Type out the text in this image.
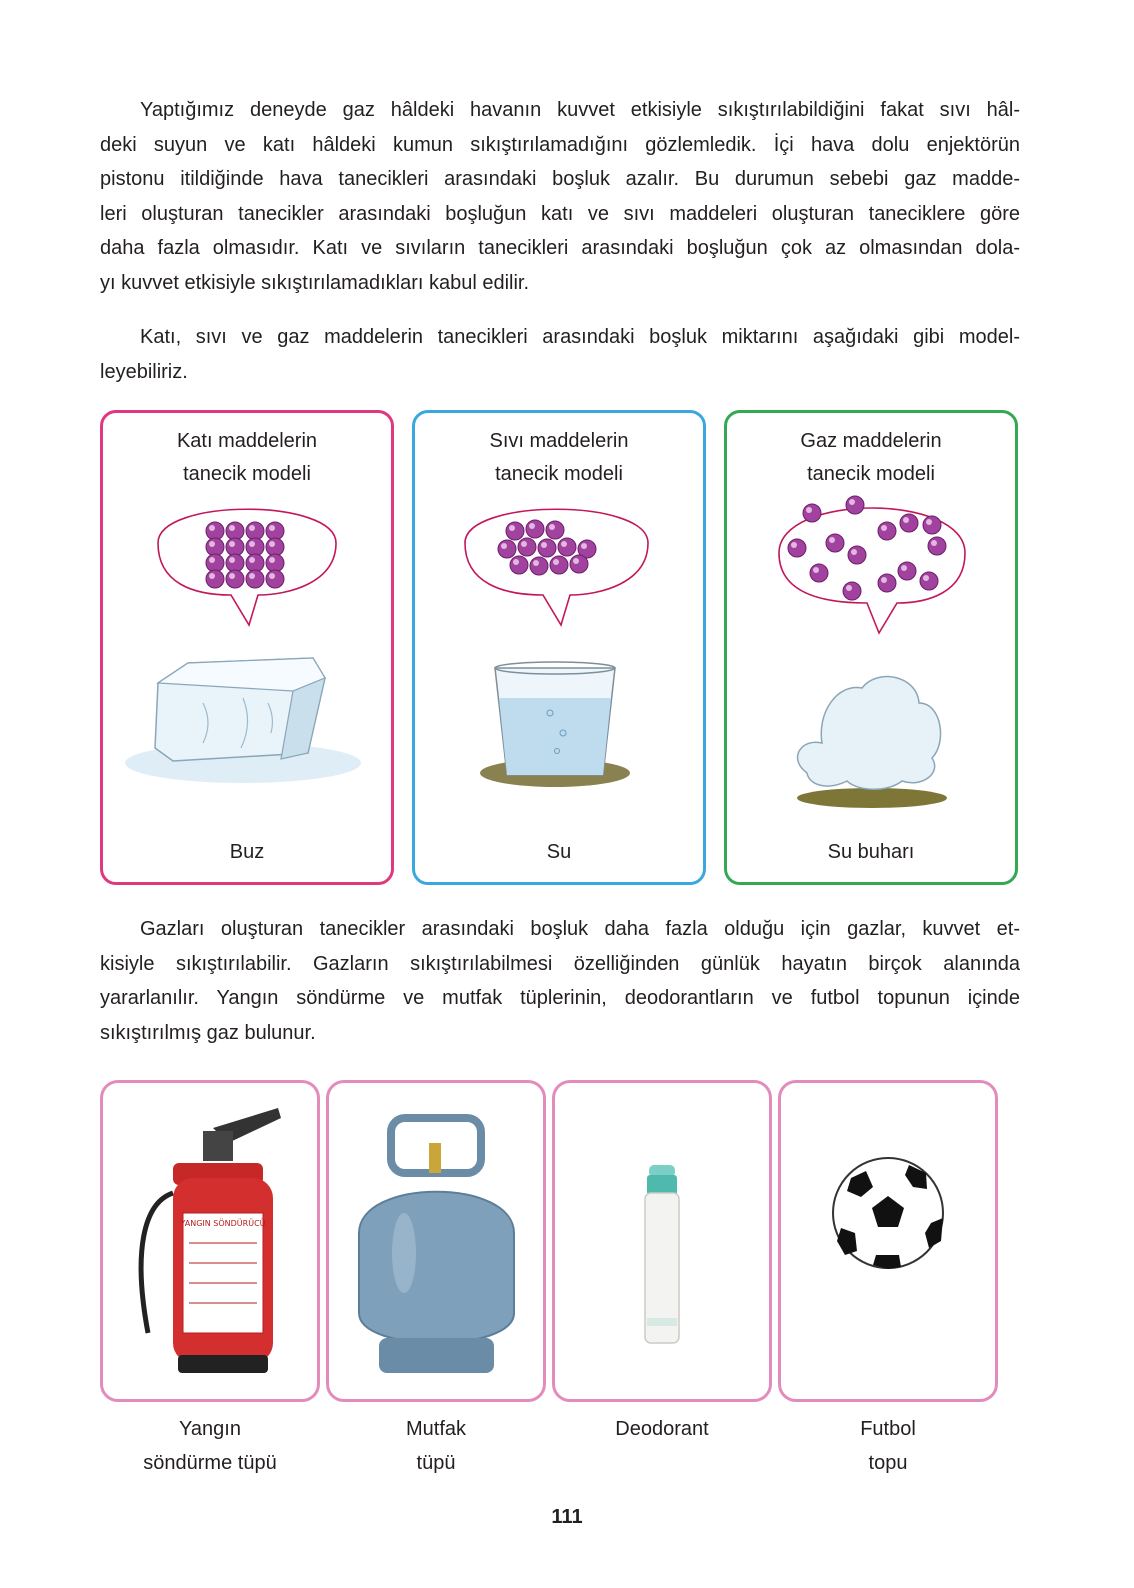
Yaptığımız deneyde gaz hâldeki havanın kuvvet etkisiyle sıkıştırılabildiğini fakat sıvı hâl-
deki suyun ve katı hâldeki kumun sıkıştırılamadığını gözlemledik. İçi hava dolu enjektörün
pistonu itildiğinde hava tanecikleri arasındaki boşluk azalır. Bu durumun sebebi gaz madde-
leri oluşturan tanecikler arasındaki boşluğun katı ve sıvı maddeleri oluşturan taneciklere göre
daha fazla olmasıdır. Katı ve sıvıların tanecikleri arasındaki boşluğun çok az olmasından dola-
yı kuvvet etkisiyle sıkıştırılamadıkları kabul edilir.

Katı, sıvı ve gaz maddelerin tanecikleri arasındaki boşluk miktarını aşağıdaki gibi model-
leyebiliriz.

Katı maddelerin
tanecik modeli
Buz
Sıvı maddelerin
tanecik modeli
Su
Gaz maddelerin
tanecik modeli
Su buharı

Gazları oluşturan tanecikler arasındaki boşluk daha fazla olduğu için gazlar, kuvvet et-
kisiyle sıkıştırılabilir. Gazların sıkıştırılabilmesi özelliğinden günlük hayatın birçok alanında
yararlanılır. Yangın söndürme ve mutfak tüplerinin, deodorantların ve futbol topunun içinde
sıkıştırılmış gaz bulunur.

YANGIN SÖNDÜRÜCÜ
Yangın
söndürme tüpü
Mutfak
tüpü
Deodorant	Futbol
topu
111
